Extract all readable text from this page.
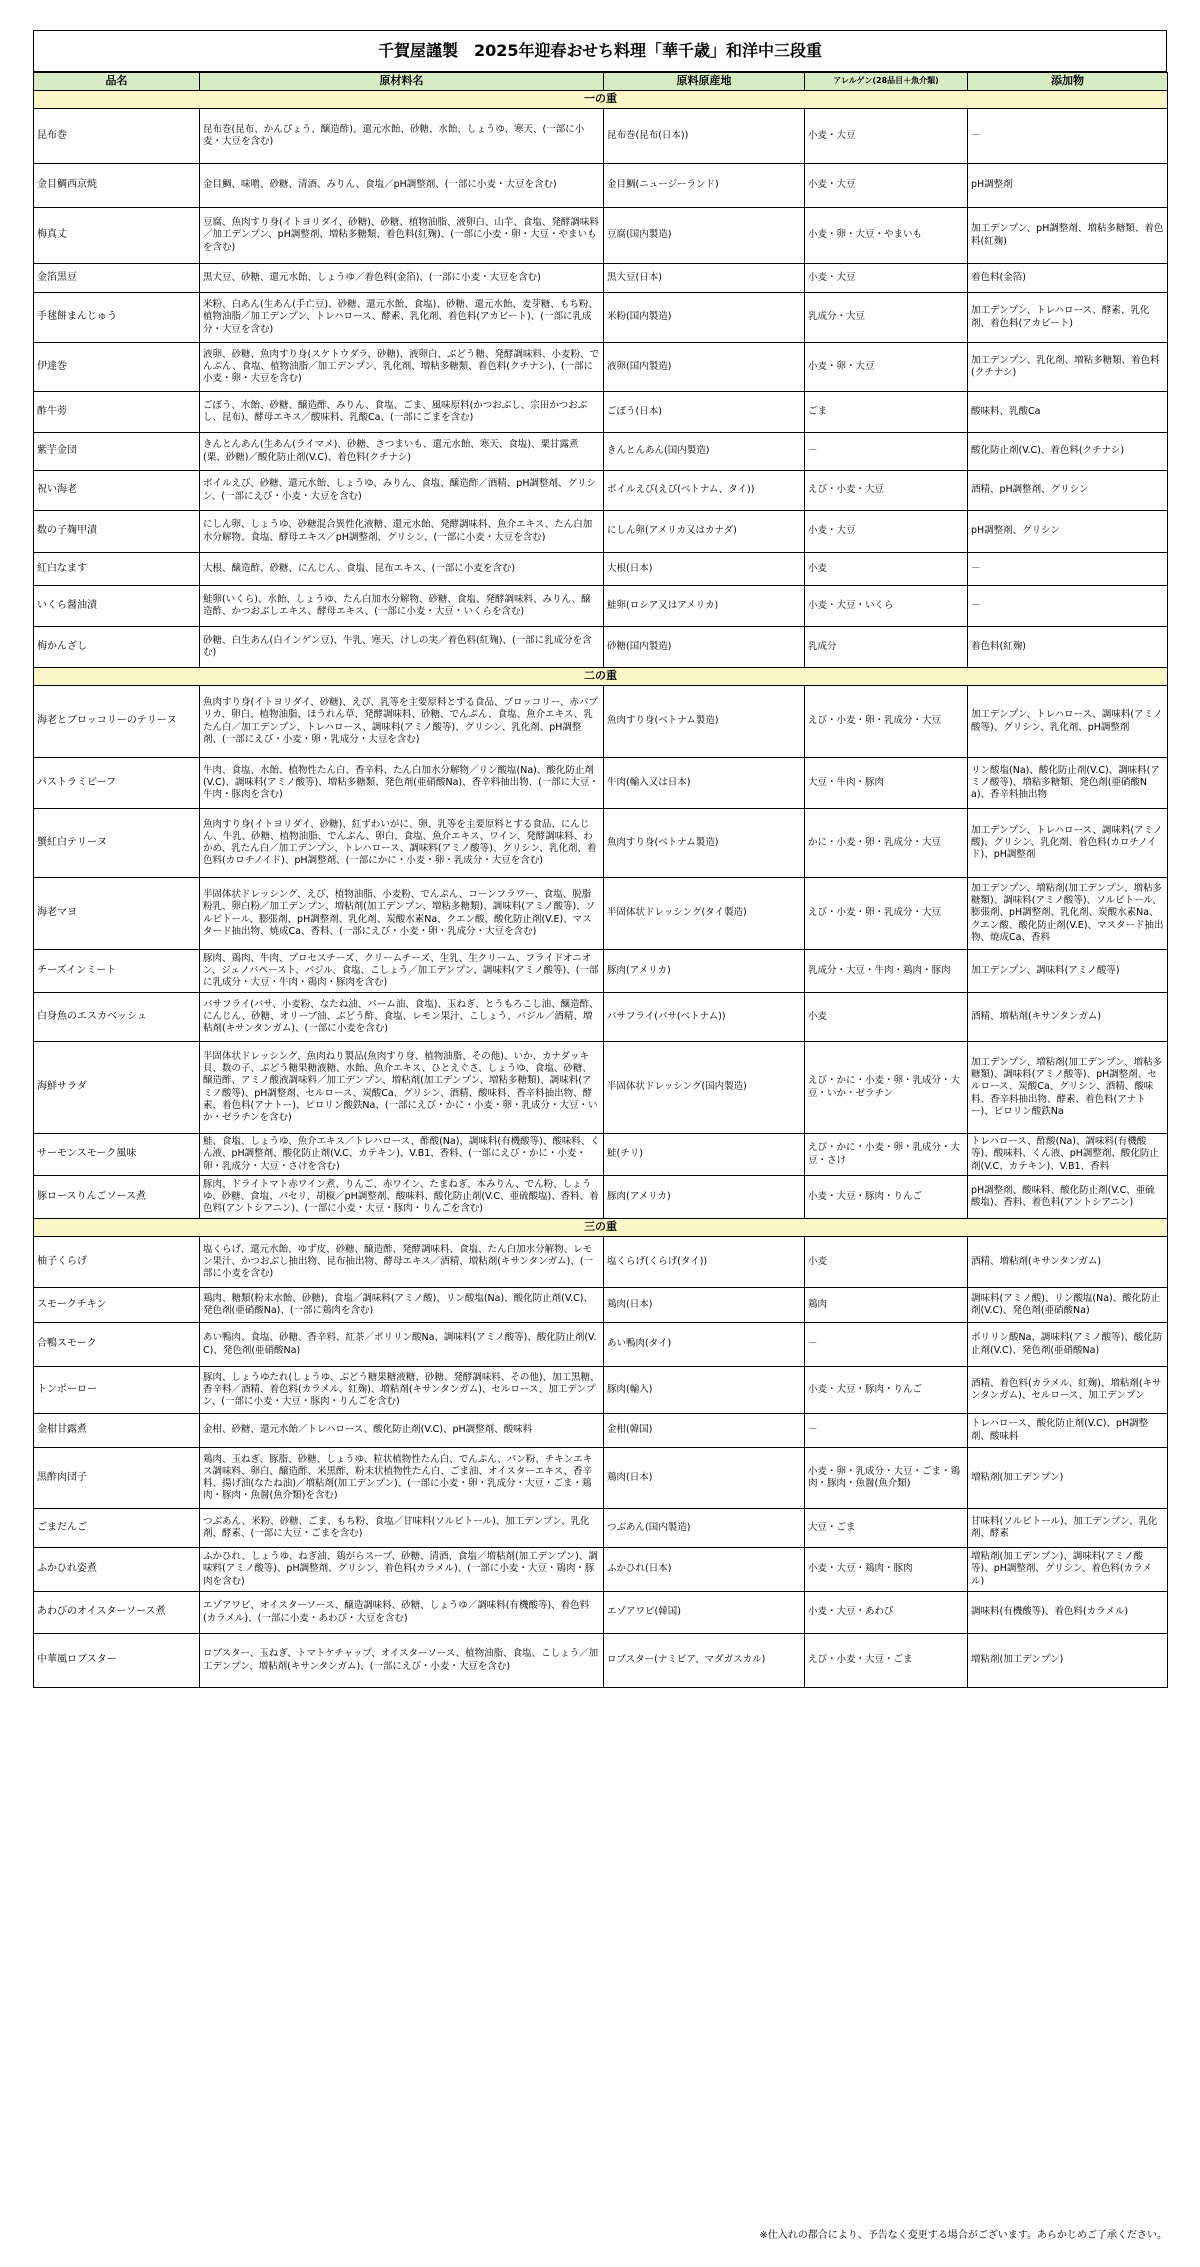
千賀屋謹製　2025年迎春おせち料理「華千歳」和洋中三段重
品名	原材料名	原料原産地	アレルゲン(28品目＋魚介類)	添加物
一の重				
昆布巻	昆布巻(昆布、かんぴょう、醸造酢)、還元水飴、砂糖、水飴、しょうゆ、寒天、(一部に小麦・大豆を含む)	昆布巻(昆布(日本))	小麦・大豆	－
金目鯛西京焼	金目鯛、味噌、砂糖、清酒、みりん、食塩／pH調整剤、(一部に小麦・大豆を含む)	金目鯛(ニュージーランド)	小麦・大豆	pH調整剤
梅真丈	豆腐、魚肉すり身(イトヨリダイ、砂糖)、砂糖、植物油脂、液卵白、山芋、食塩、発酵調味料／加工デンプン、pH調整剤、増粘多糖類、着色料(紅麹)、(一部に小麦・卵・大豆・やまいもを含む)	豆腐(国内製造)	小麦・卵・大豆・やまいも	加工デンプン、pH調整剤、増粘多糖類、着色料(紅麹)
金箔黒豆	黒大豆、砂糖、還元水飴、しょうゆ／着色料(金箔)、(一部に小麦・大豆を含む)	黒大豆(日本)	小麦・大豆	着色料(金箔)
手毬餅まんじゅう	米粉、白あん(生あん(手亡豆)、砂糖、還元水飴、食塩)、砂糖、還元水飴、麦芽糖、もち粉、植物油脂／加工デンプン、トレハロース、酵素、乳化剤、着色料(アカビート)、(一部に乳成分・大豆を含む)	米粉(国内製造)	乳成分・大豆	加工デンプン、トレハロース、酵素、乳化剤、着色料(アカビート)
伊達巻	液卵、砂糖、魚肉すり身(スケトウダラ、砂糖)、液卵白、ぶどう糖、発酵調味料、小麦粉、でんぷん、食塩、植物油脂／加工デンプン、乳化剤、増粘多糖類、着色料(クチナシ)、(一部に小麦・卵・大豆を含む)	液卵(国内製造)	小麦・卵・大豆	加工デンプン、乳化剤、増粘多糖類、着色料(クチナシ)
酢牛蒡	ごぼう、水飴、砂糖、醸造酢、みりん、食塩、ごま、風味原料(かつおぶし、宗田かつおぶし、昆布)、酵母エキス／酸味料、乳酸Ca、(一部にごまを含む)	ごぼう(日本)	ごま	酸味料、乳酸Ca
紫芋金団	きんとんあん(生あん(ライマメ)、砂糖、さつまいも、還元水飴、寒天、食塩)、栗甘露煮(栗、砂糖)／酸化防止剤(V.C)、着色料(クチナシ)	きんとんあん(国内製造)	－	酸化防止剤(V.C)、着色料(クチナシ)
祝い海老	ボイルえび、砂糖、還元水飴、しょうゆ、みりん、食塩、醸造酢／酒精、pH調整剤、グリシン、(一部にえび・小麦・大豆を含む)	ボイルえび(えび(ベトナム、タイ))	えび・小麦・大豆	酒精、pH調整剤、グリシン
数の子麹甲漬	にしん卵、しょうゆ、砂糖混合異性化液糖、還元水飴、発酵調味料、魚介エキス、たん白加水分解物、食塩、酵母エキス／pH調整剤、グリシン、(一部に小麦・大豆を含む)	にしん卵(アメリカ又はカナダ)	小麦・大豆	pH調整剤、グリシン
紅白なます	大根、醸造酢、砂糖、にんじん、食塩、昆布エキス、(一部に小麦を含む)	大根(日本)	小麦	－
いくら醤油漬	鮭卵(いくら)、水飴、しょうゆ、たん白加水分解物、砂糖、食塩、発酵調味料、みりん、醸造酢、かつおぶしエキス、酵母エキス、(一部に小麦・大豆・いくらを含む)	鮭卵(ロシア又はアメリカ)	小麦・大豆・いくら	－
梅かんざし	砂糖、白生あん(白インゲン豆)、牛乳、寒天、けしの実／着色料(紅麹)、(一部に乳成分を含む)	砂糖(国内製造)	乳成分	着色料(紅麹)
二の重				
海老とブロッコリーのテリーヌ	魚肉すり身(イトヨリダイ、砂糖)、えび、乳等を主要原料とする食品、ブロッコリー、赤パプリカ、卵白、植物油脂、ほうれん草、発酵調味料、砂糖、でんぷん、食塩、魚介エキス、乳たん白／加工デンプン、トレハロース、調味料(アミノ酸等)、グリシン、乳化剤、pH調整剤、(一部にえび・小麦・卵・乳成分・大豆を含む)	魚肉すり身(ベトナム製造)	えび・小麦・卵・乳成分・大豆	加工デンプン、トレハロース、調味料(アミノ酸等)、グリシン、乳化剤、pH調整剤
パストラミビーフ	牛肉、食塩、水飴、植物性たん白、香辛料、たん白加水分解物／リン酸塩(Na)、酸化防止剤(V.C)、調味料(アミノ酸等)、増粘多糖類、発色剤(亜硝酸Na)、香辛料抽出物、(一部に大豆・牛肉・豚肉を含む)	牛肉(輸入又は日本)	大豆・牛肉・豚肉	リン酸塩(Na)、酸化防止剤(V.C)、調味料(アミノ酸等)、増粘多糖類、発色剤(亜硝酸Na)、香辛料抽出物
蟹紅白テリーヌ	魚肉すり身(イトヨリダイ、砂糖)、紅ずわいがに、卵、乳等を主要原料とする食品、にんじん、牛乳、砂糖、植物油脂、でんぷん、卵白、食塩、魚介エキス、ワイン、発酵調味料、わかめ、乳たん白／加工デンプン、トレハロース、調味料(アミノ酸等)、グリシン、乳化剤、着色料(カロチノイド)、pH調整剤、(一部にかに・小麦・卵・乳成分・大豆を含む)	魚肉すり身(ベトナム製造)	かに・小麦・卵・乳成分・大豆	加工デンプン、トレハロース、調味料(アミノ酸)、グリシン、乳化剤、着色料(カロチノイド)、pH調整剤
海老マヨ	半固体状ドレッシング、えび、植物油脂、小麦粉、でんぷん、コーンフラワー、食塩、脱脂粉乳、卵白粉／加工デンプン、増粘剤(加工デンプン、増粘多糖類)、調味料(アミノ酸等)、ソルビトール、膨張剤、pH調整剤、乳化剤、炭酸水素Na、クエン酸、酸化防止剤(V.E)、マスタード抽出物、焼成Ca、香料、(一部にえび・小麦・卵・乳成分・大豆を含む)	半固体状ドレッシング(タイ製造)	えび・小麦・卵・乳成分・大豆	加工デンプン、増粘剤(加工デンプン、増粘多糖類)、調味料(アミノ酸等)、ソルビトール、膨張剤、pH調整剤、乳化剤、炭酸水素Na、クエン酸、酸化防止剤(V.E)、マスタード抽出物、焼成Ca、香料
チーズインミート	豚肉、鶏肉、牛肉、プロセスチーズ、クリームチーズ、生乳、生クリーム、フライドオニオン、ジェノバペースト、バジル、食塩、こしょう／加工デンプン、調味料(アミノ酸等)、(一部に乳成分・大豆・牛肉・鶏肉・豚肉を含む)	豚肉(アメリカ)	乳成分・大豆・牛肉・鶏肉・豚肉	加工デンプン、調味料(アミノ酸等)
白身魚のエスカベッシュ	バサフライ(バサ、小麦粉、なたね油、パーム油、食塩)、玉ねぎ、とうもろこし油、醸造酢、にんじん、砂糖、オリーブ油、ぶどう酢、食塩、レモン果汁、こしょう、パジル／酒精、増粘剤(キサンタンガム)、(一部に小麦を含む)	バサフライ(バサ(ベトナム))	小麦	酒精、増粘剤(キサンタンガム)
海鮮サラダ	半固体状ドレッシング、魚肉ねり製品(魚肉すり身、植物油脂、その他)、いか、カナダッキ貝、数の子、ぶどう糖果糖液糖、水飴、魚介エキス、ひとえぐさ、しょうゆ、食塩、砂糖、醸造酢、アミノ酸液調味料／加工デンプン、増粘剤(加工デンプン、増粘多糖類)、調味料(アミノ酸等)、pH調整剤、セルロース、炭酸Ca、グリシン、酒精、酸味料、香辛料抽出物、酵素、着色料(アナトー)、ピロリン酸鉄Na、(一部にえび・かに・小麦・卵・乳成分・大豆・いか・ゼラチンを含む)	半固体状ドレッシング(国内製造)	えび・かに・小麦・卵・乳成分・大豆・いか・ゼラチン	加工デンプン、増粘剤(加工デンプン、増粘多糖類)、調味料(アミノ酸等)、pH調整剤、セルロース、炭酸Ca、グリシン、酒精、酸味料、香辛料抽出物、酵素、着色料(アナトー)、ピロリン酸鉄Na
サーモンスモーク風味	鮭、食塩、しょうゆ、魚介エキス／トレハロース、酢酸(Na)、調味料(有機酸等)、酸味料、くん液、pH調整剤、酸化防止剤(V.C、カテキン)、V.B1、香料、(一部にえび・かに・小麦・卵・乳成分・大豆・さけを含む)	鮭(チリ)	えび・かに・小麦・卵・乳成分・大豆・さけ	トレハロース、酢酸(Na)、調味料(有機酸等)、酸味料、くん液、pH調整剤、酸化防止剤(V.C、カテキン)、V.B1、香料
豚ロースりんごソース煮	豚肉、ドライトマト赤ワイン煮、りんご、赤ワイン、たまねぎ、本みりん、でん粉、しょうゆ、砂糖、食塩、パセリ、胡椒／pH調整剤、酸味料、酸化防止剤(V.C、亜硫酸塩)、香料、着色料(アントシアニン)、(一部に小麦・大豆・豚肉・りんごを含む)	豚肉(アメリカ)	小麦・大豆・豚肉・りんご	pH調整剤、酸味料、酸化防止剤(V.C、亜硫酸塩)、香料、着色料(アントシアニン)
三の重				
柚子くらげ	塩くらげ、還元水飴、ゆず皮、砂糖、醸造酢、発酵調味料、食塩、たん白加水分解物、レモン果汁、かつおぶし抽出物、昆布抽出物、酵母エキス／酒精、増粘剤(キサンタンガム)、(一部に小麦を含む)	塩くらげ(くらげ(タイ))	小麦	酒精、増粘剤(キサンタンガム)
スモークチキン	鶏肉、糖類(粉末水飴、砂糖)、食塩／調味料(アミノ酸)、リン酸塩(Na)、酸化防止剤(V.C)、発色剤(亜硝酸Na)、(一部に鶏肉を含む)	鶏肉(日本)	鶏肉	調味料(アミノ酸)、リン酸塩(Na)、酸化防止剤(V.C)、発色剤(亜硝酸Na)
合鴨スモーク	あい鴨肉、食塩、砂糖、香辛料、紅茶／ポリリン酸Na、調味料(アミノ酸等)、酸化防止剤(V.C)、発色剤(亜硝酸Na)	あい鴨肉(タイ)	－	ポリリン酸Na、調味料(アミノ酸等)、酸化防止剤(V.C)、発色剤(亜硝酸Na)
トンポーロー	豚肉、しょうゆたれ(しょうゆ、ぶどう糖果糖液糖、砂糖、発酵調味料、その他)、加工黒糖、香辛料／酒精、着色料(カラメル、紅麹)、増粘剤(キサンタンガム)、セルロース、加工デンプン、(一部に小麦・大豆・豚肉・りんごを含む)	豚肉(輸入)	小麦・大豆・豚肉・りんご	酒精、着色料(カラメル、紅麹)、増粘剤(キサンタンガム)、セルロース、加工デンプン
金柑甘露煮	金柑、砂糖、還元水飴／トレハロース、酸化防止剤(V.C)、pH調整剤、酸味料	金柑(韓国)	－	トレハロース、酸化防止剤(V.C)、pH調整剤、酸味料
黒酢肉団子	鶏肉、玉ねぎ、豚脂、砂糖、しょうゆ、粒状植物性たん白、でんぷん、パン粉、チキンエキス調味料、卵白、醸造酢、米黒酢、粉末状植物性たん白、ごま油、オイスターエキス、香辛料、揚げ油(なたね油)／増粘剤(加工デンプン)、(一部に小麦・卵・乳成分・大豆・ごま・鶏肉・豚肉・魚醤(魚介類)を含む)	鶏肉(日本)	小麦・卵・乳成分・大豆・ごま・鶏肉・豚肉・魚醤(魚介類)	増粘剤(加工デンプン)
ごまだんご	つぶあん、米粉、砂糖、ごま、もち粉、食塩／甘味料(ソルビトール)、加工デンプン、乳化剤、酵素、(一部に大豆・ごまを含む)	つぶあん(国内製造)	大豆・ごま	甘味料(ソルビトール)、加工デンプン、乳化剤、酵素
ふかひれ姿煮	ふかひれ、しょうゆ、ねぎ油、鶏がらスープ、砂糖、清酒、食塩／増粘剤(加工デンプン)、調味料(アミノ酸等)、pH調整剤、グリシン、着色料(カラメル)、(一部に小麦・大豆・鶏肉・豚肉を含む)	ふかひれ(日本)	小麦・大豆・鶏肉・豚肉	増粘剤(加工デンプン)、調味料(アミノ酸等)、pH調整剤、グリシン、着色料(カラメル)
あわびのオイスターソース煮	エゾアワビ、オイスターソース、醸造調味料、砂糖、しょうゆ／調味料(有機酸等)、着色料(カラメル)、(一部に小麦・あわび・大豆を含む)	エゾアワビ(韓国)	小麦・大豆・あわび	調味料(有機酸等)、着色料(カラメル)
中華風ロブスター	ロブスター、玉ねぎ、トマトケチャップ、オイスターソース、植物油脂、食塩、こしょう／加工デンプン、増粘剤(キサンタンガム)、(一部にえび・小麦・大豆を含む)	ロブスター(ナミビア、マダガスカル)	えび・小麦・大豆・ごま	増粘剤(加工デンプン)
※仕入れの都合により、予告なく変更する場合がございます。あらかじめご了承ください。
